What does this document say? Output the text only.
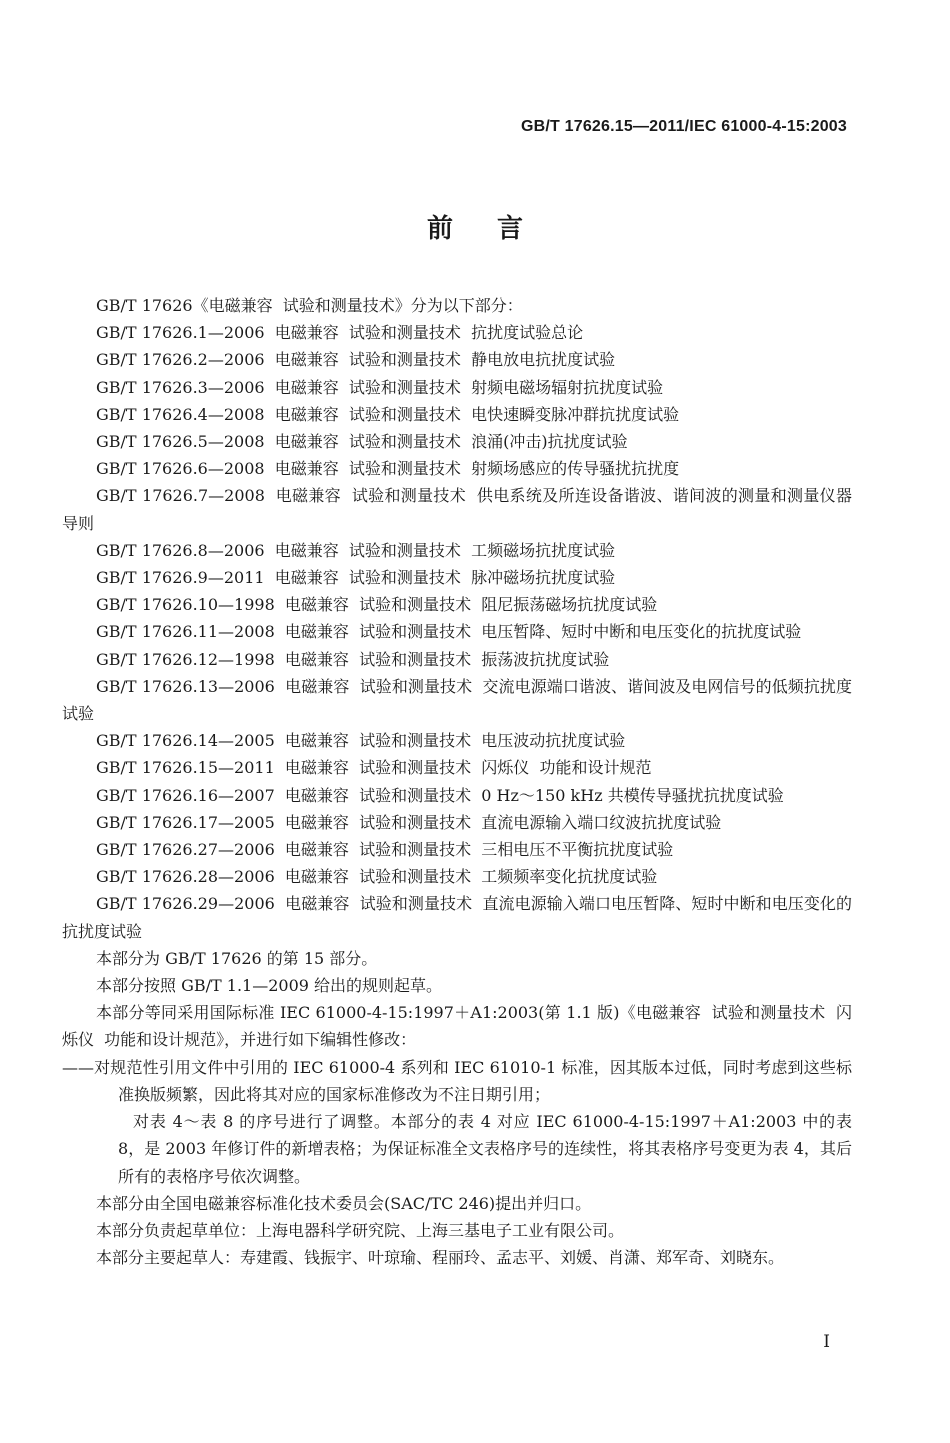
GB/T 17626.15—2011/IEC 61000-4-15:2003
前言

GB/T 17626《电磁兼容  试验和测量技术》分为以下部分：

GB/T 17626.1—2006  电磁兼容  试验和测量技术  抗扰度试验总论

GB/T 17626.2—2006  电磁兼容  试验和测量技术  静电放电抗扰度试验

GB/T 17626.3—2006  电磁兼容  试验和测量技术  射频电磁场辐射抗扰度试验

GB/T 17626.4—2008  电磁兼容  试验和测量技术  电快速瞬变脉冲群抗扰度试验

GB/T 17626.5—2008  电磁兼容  试验和测量技术  浪涌(冲击)抗扰度试验

GB/T 17626.6—2008  电磁兼容  试验和测量技术  射频场感应的传导骚扰抗扰度

GB/T 17626.7—2008  电磁兼容  试验和测量技术  供电系统及所连设备谐波、谐间波的测量和测量仪器导则

GB/T 17626.8—2006  电磁兼容  试验和测量技术  工频磁场抗扰度试验

GB/T 17626.9—2011  电磁兼容  试验和测量技术  脉冲磁场抗扰度试验

GB/T 17626.10—1998  电磁兼容  试验和测量技术  阻尼振荡磁场抗扰度试验

GB/T 17626.11—2008  电磁兼容  试验和测量技术  电压暂降、短时中断和电压变化的抗扰度试验

GB/T 17626.12—1998  电磁兼容  试验和测量技术  振荡波抗扰度试验

GB/T 17626.13—2006  电磁兼容  试验和测量技术  交流电源端口谐波、谐间波及电网信号的低频抗扰度试验

GB/T 17626.14—2005  电磁兼容  试验和测量技术  电压波动抗扰度试验

GB/T 17626.15—2011  电磁兼容  试验和测量技术  闪烁仪  功能和设计规范

GB/T 17626.16—2007  电磁兼容  试验和测量技术  0 Hz～150 kHz 共模传导骚扰抗扰度试验

GB/T 17626.17—2005  电磁兼容  试验和测量技术  直流电源输入端口纹波抗扰度试验

GB/T 17626.27—2006  电磁兼容  试验和测量技术  三相电压不平衡抗扰度试验

GB/T 17626.28—2006  电磁兼容  试验和测量技术  工频频率变化抗扰度试验

GB/T 17626.29—2006  电磁兼容  试验和测量技术  直流电源输入端口电压暂降、短时中断和电压变化的抗扰度试验

本部分为 GB/T 17626 的第 15 部分。

本部分按照 GB/T 1.1—2009 给出的规则起草。

本部分等同采用国际标准 IEC 61000-4-15:1997＋A1:2003(第 1.1 版)《电磁兼容  试验和测量技术  闪烁仪  功能和设计规范》，并进行如下编辑性修改：

——对规范性引用文件中引用的 IEC 61000-4 系列和 IEC 61010-1 标准，因其版本过低，同时考虑到这些标准换版频繁，因此将其对应的国家标准修改为不注日期引用；

对表 4～表 8 的序号进行了调整。本部分的表 4 对应 IEC 61000-4-15:1997＋A1:2003 中的表 8，是 2003 年修订件的新增表格；为保证标准全文表格序号的连续性，将其表格序号变更为表 4，其后所有的表格序号依次调整。

本部分由全国电磁兼容标准化技术委员会(SAC/TC 246)提出并归口。

本部分负责起草单位：上海电器科学研究院、上海三基电子工业有限公司。

本部分主要起草人：寿建霞、钱振宇、叶琼瑜、程丽玲、孟志平、刘媛、肖潇、郑军奇、刘晓东。

I
